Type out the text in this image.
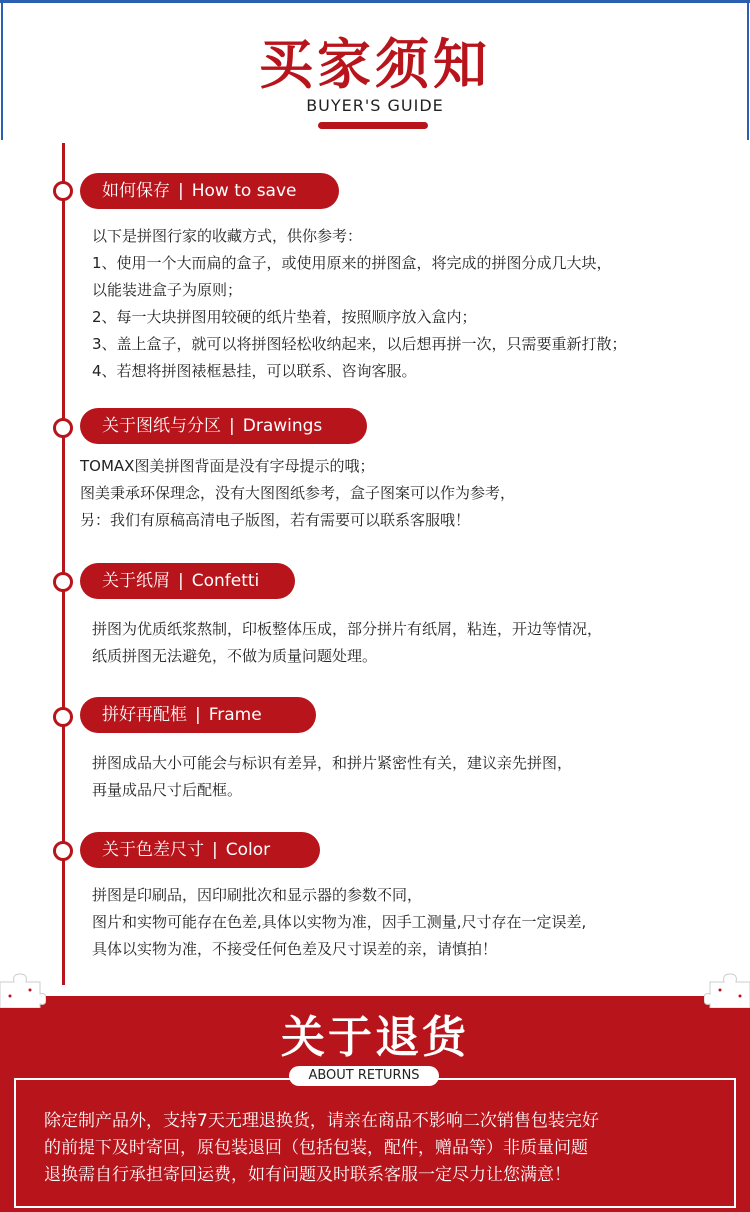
买家须知
BUYER'S GUIDE
如何保存 | How to save
以下是拼图行家的收藏方式，供你参考：
1、使用一个大而扁的盒子，或使用原来的拼图盒，将完成的拼图分成几大块，
以能装进盒子为原则；
2、每一大块拼图用较硬的纸片垫着，按照顺序放入盒内；
3、盖上盒子，就可以将拼图轻松收纳起来，以后想再拼一次，只需要重新打散；
4、若想将拼图裱框悬挂，可以联系、咨询客服。
关于图纸与分区 | Drawings
TOMAX图美拼图背面是没有字母提示的哦；
图美秉承环保理念，没有大图图纸参考，盒子图案可以作为参考，
另：我们有原稿高清电子版图，若有需要可以联系客服哦！
关于纸屑 | Confetti
拼图为优质纸浆熬制，印板整体压成，部分拼片有纸屑，粘连，开边等情况，
纸质拼图无法避免，不做为质量问题处理。
拼好再配框 | Frame
拼图成品大小可能会与标识有差异，和拼片紧密性有关，建议亲先拼图，
再量成品尺寸后配框。
关于色差尺寸 | Color
拼图是印刷品，因印刷批次和显示器的参数不同，
图片和实物可能存在色差,具体以实物为准，因手工测量,尺寸存在一定误差,
具体以实物为准，不接受任何色差及尺寸误差的亲，请慎拍！
关于退货
ABOUT RETURNS
除定制产品外，支持7天无理退换货，请亲在商品不影响二次销售包装完好
的前提下及时寄回，原包装退回（包括包装，配件，赠品等）非质量问题
退换需自行承担寄回运费，如有问题及时联系客服一定尽力让您满意！
